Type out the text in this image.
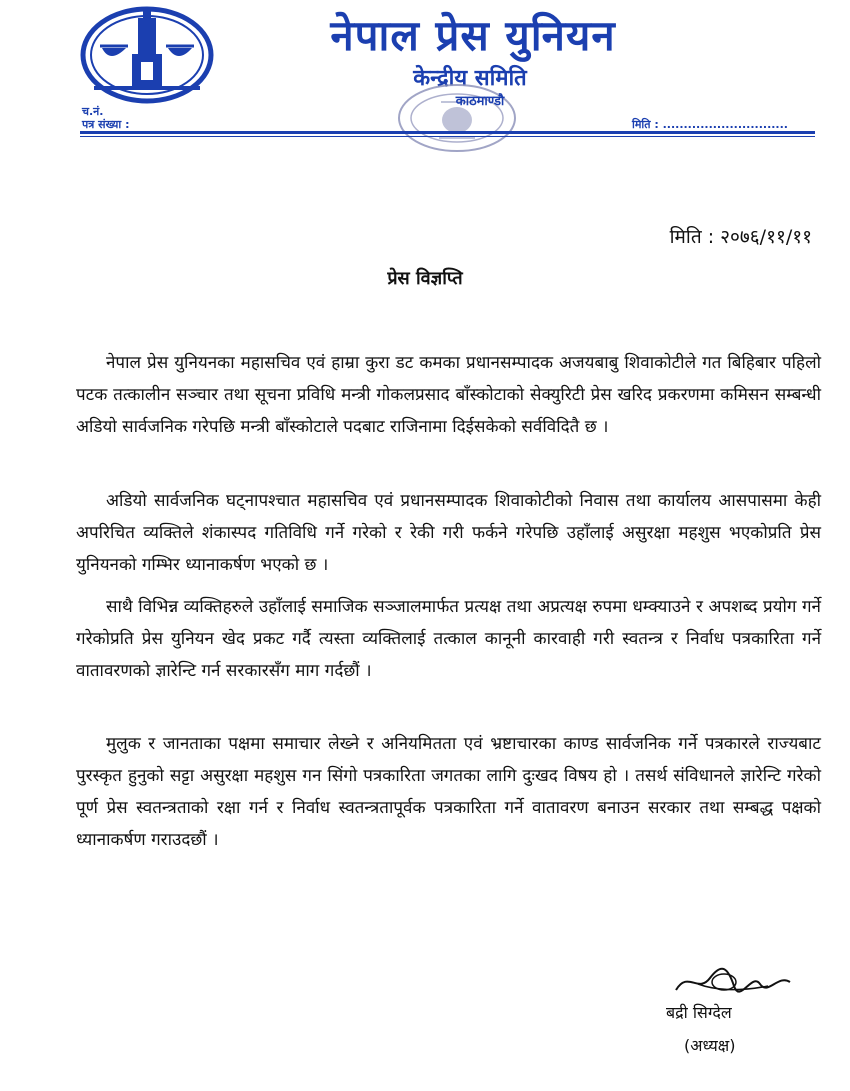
नेपाल प्रेस युनियन
केन्द्रीय समिति
काठमाण्डौ
च.नं.
पत्र संख्या :	मिति : ..............................
मिति : २०७६/११/११
प्रेस विज्ञप्ति

नेपाल प्रेस युनियनका महासचिव एवं हाम्रा कुरा डट कमका प्रधानसम्पादक अजयबाबु शिवाकोटीले गत बिहिबार पहिलो पटक तत्कालीन सञ्चार तथा सूचना प्रविधि मन्त्री गोकलप्रसाद बाँस्कोटाको सेक्युरिटी प्रेस खरिद प्रकरणमा कमिसन सम्बन्धी अडियो सार्वजनिक गरेपछि मन्त्री बाँस्कोटाले पदबाट राजिनामा दिईसकेको सर्वविदितै छ ।

अडियो सार्वजनिक घट्नापश्चात महासचिव एवं प्रधानसम्पादक शिवाकोटीको निवास तथा कार्यालय आसपासमा केही अपरिचित व्यक्तिले शंकास्पद गतिविधि गर्ने गरेको र रेकी गरी फर्कने गरेपछि उहाँलाई असुरक्षा महशुस भएकोप्रति प्रेस युनियनको गम्भिर ध्यानाकर्षण भएको छ ।

साथै विभिन्न व्यक्तिहरुले उहाँलाई समाजिक सञ्जालमार्फत प्रत्यक्ष तथा अप्रत्यक्ष रुपमा धम्क्याउने र अपशब्द प्रयोग गर्ने गरेकोप्रति प्रेस युनियन खेद प्रकट गर्दै त्यस्ता व्यक्तिलाई तत्काल कानूनी कारवाही गरी स्वतन्त्र र निर्वाध पत्रकारिता गर्ने वातावरणको ज्ञारेन्टि गर्न सरकारसँग माग गर्दछौं ।

मुलुक र जानताका पक्षमा समाचार लेख्ने र अनियमितता एवं भ्रष्टाचारका काण्ड सार्वजनिक गर्ने पत्रकारले राज्यबाट पुरस्कृत हुनुको सट्टा असुरक्षा महशुस गन सिंगो पत्रकारिता जगतका लागि दुःखद विषय हो । तसर्थ संविधानले ज्ञारेन्टि गरेको पूर्ण प्रेस स्वतन्त्रताको रक्षा गर्न र निर्वाध स्वतन्त्रतापूर्वक पत्रकारिता गर्ने वातावरण बनाउन सरकार तथा सम्बद्ध पक्षको ध्यानाकर्षण गराउदछौं ।

बद्री सिग्देल
(अध्यक्ष)
